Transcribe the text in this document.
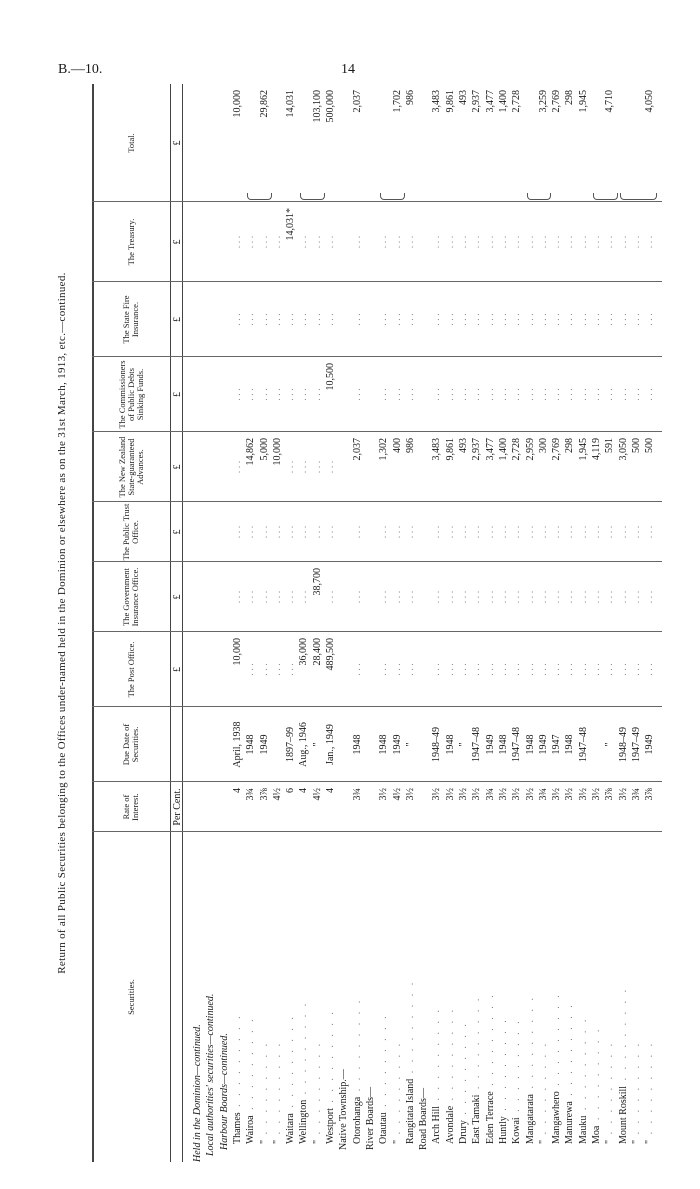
B.—10.	14
Return of all Public Securities belonging to the Offices under-named held in the Dominion or elsewhere as on the 31st March, 1913, etc.—continued.
Securities.
Rate of Interest.
Due Date of Securities.
The Post Office.
The Government Insurance Office.
The Public Trust Office.
The New Zealand State-guaranteed Advances.
The Commissioners of Public Debts Sinking Funds.
The State Fire Insurance.
The Treasury.
Total.
Per Cent.
£
£
£
£
£
£
£
£
Held in the Dominion—continued. Local authorities' securities—continued. Harbour Boards—continued. Thames . . . . . . . . .
4
April, 1938
10,000
. . .
. . .
. . .
. . .
. . .
. . .
10,000
Wairoa . . . . . . . . .
3¾
1948
. . .
. . .
. . .
14,862
. . .
. . .
. . .
" . . . . . . . . .
3⅞
1949
. . .
. . .
. . .
5,000
. . .
. . .
. . .
29,862
" . . . . . . . . .
4½
. . .
. . .
. . .
10,000
. . .
. . .
. . .
Waitara . . . . . . . . .
6
1897–99
. . .
. . .
. . .
. . .
. . .
. . .
14,031*
14,031
Wellington . . . . . . . . .
4
Aug., 1946
36,000
. . .
. . .
. . .
. . .
. . .
. . .
" . . . . . . . . .
4½
"
28,400
38,700
. . .
. . .
. . .
. . .
. . .
103,100
Westport . . . . . . . . .
4
Jan., 1949
489,500
. . .
. . .
. . .
10,500
. . .
. . .
500,000
Native Township.— Otorohanga . . . . . . . . .
3¾
1948
. . .
. . .
. . .
2,037
. . .
. . .
. . .
2,037
River Boards— Otautau . . . . . . . . .
3½
1948
. . .
. . .
. . .
1,302
. . .
. . .
. . .
" . . . . . . . . .
4½
1949
. . .
. . .
. . .
400
. . .
. . .
. . .
1,702
Rangitata Island . . . . . . . . .
3½
"
. . .
. . .
. . .
986
. . .
. . .
. . .
986
Road Boards— Arch Hill . . . . . . . . .
3½
1948–49
. . .
. . .
. . .
3,483
. . .
. . .
. . .
3,483
Avondale . . . . . . . . .
3½
1948
. . .
. . .
. . .
9,861
. . .
. . .
. . .
9,861
Drury . . . . . . . . .
3½
"
. . .
. . .
. . .
493
. . .
. . .
. . .
493
East Tamaki . . . . . . . . .
3½
1947–48
. . .
. . .
. . .
2,937
. . .
. . .
. . .
2,937
Eden Terrace . . . . . . . . .
3¾
1949
. . .
. . .
. . .
3,477
. . .
. . .
. . .
3,477
Huntly . . . . . . . . .
3½
1948
. . .
. . .
. . .
1,400
. . .
. . .
. . .
1,400
Kowai . . . . . . . . .
3½
1947–48
. . .
. . .
. . .
2,728
. . .
. . .
. . .
2,728
Mangatarata . . . . . . . . .
3½
1948
. . .
. . .
. . .
2,959
. . .
. . .
. . .
" . . . . . . . . .
3¾
1949
. . .
. . .
. . .
300
. . .
. . .
. . .
3,259
Mangawhero . . . . . . . . .
3½
1947
. . .
. . .
. . .
2,769
. . .
. . .
. . .
2,769
Manurewa . . . . . . . . .
3½
1948
. . .
. . .
. . .
298
. . .
. . .
. . .
298
Mauku . . . . . . . . .
3½
1947–48
. . .
. . .
. . .
1,945
. . .
. . .
. . .
1,945
Moa . . . . . . . . .
3½
. . .
. . .
. . .
4,119
. . .
. . .
. . .
" . . . . . . . . .
3⅞
"
. . .
. . .
. . .
591
. . .
. . .
. . .
4,710
Mount Roskill . . . . . . . . .
3½
1948–49
. . .
. . .
. . .
3,050
. . .
. . .
. . .
" . . . . . . . . .
3¾
1947–49
. . .
. . .
. . .
500
. . .
. . .
. . .
" . . . . . . . . .
3⅞
1949
. . .
. . .
. . .
500
. . .
. . .
. . .
4,050
